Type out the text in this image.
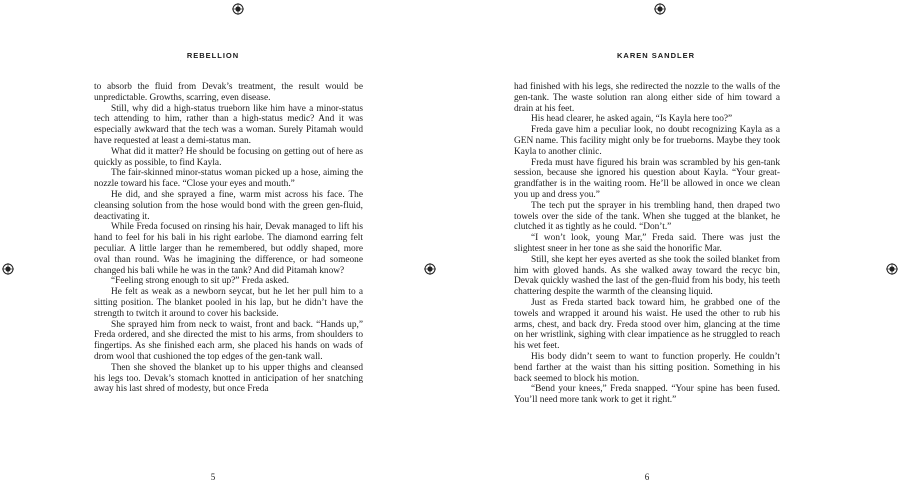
REBELLION

to absorb the fluid from Devak’s treatment, the result would be unpredictable. Growths, scarring, even disease.

Still, why did a high-status trueborn like him have a minor-status tech attending to him, rather than a high-status medic? And it was especially awkward that the tech was a woman. Surely Pitamah would have requested at least a demi-status man.

What did it matter? He should be focusing on getting out of here as quickly as possible, to find Kayla.

The fair-skinned minor-status woman picked up a hose, aiming the nozzle toward his face. “Close your eyes and mouth.”

He did, and she sprayed a fine, warm mist across his face. The cleansing solution from the hose would bond with the green gen-fluid, deactivating it.

While Freda focused on rinsing his hair, Devak managed to lift his hand to feel for his bali in his right earlobe. The diamond earring felt peculiar. A little larger than he remembered, but oddly shaped, more oval than round. Was he imagining the difference, or had someone changed his bali while he was in the tank? And did Pitamah know?

“Feeling strong enough to sit up?” Freda asked.

He felt as weak as a newborn seycat, but he let her pull him to a sitting position. The blanket pooled in his lap, but he didn’t have the strength to twitch it around to cover his backside.

She sprayed him from neck to waist, front and back. “Hands up,” Freda ordered, and she directed the mist to his arms, from shoulders to fingertips. As she finished each arm, she placed his hands on wads of drom wool that cushioned the top edges of the gen-tank wall.

Then she shoved the blanket up to his upper thighs and cleansed his legs too. Devak’s stomach knotted in anticipation of her snatching away his last shred of modesty, but once Freda

5
KAREN SANDLER

had finished with his legs, she redirected the nozzle to the walls of the gen-tank. The waste solution ran along either side of him toward a drain at his feet.

His head clearer, he asked again, “Is Kayla here too?”

Freda gave him a peculiar look, no doubt recognizing Kayla as a GEN name. This facility might only be for trueborns. Maybe they took Kayla to another clinic.

Freda must have figured his brain was scrambled by his gen-tank session, because she ignored his question about Kayla. “Your great-grandfather is in the waiting room. He’ll be allowed in once we clean you up and dress you.”

The tech put the sprayer in his trembling hand, then draped two towels over the side of the tank. When she tugged at the blanket, he clutched it as tightly as he could. “Don’t.”

“I won’t look, young Mar,” Freda said. There was just the slightest sneer in her tone as she said the honorific Mar.

Still, she kept her eyes averted as she took the soiled blanket from him with gloved hands. As she walked away toward the recyc bin, Devak quickly washed the last of the gen-fluid from his body, his teeth chattering despite the warmth of the cleansing liquid.

Just as Freda started back toward him, he grabbed one of the towels and wrapped it around his waist. He used the other to rub his arms, chest, and back dry. Freda stood over him, glancing at the time on her wristlink, sighing with clear impatience as he struggled to reach his wet feet.

His body didn’t seem to want to function properly. He couldn’t bend farther at the waist than his sitting position. Something in his back seemed to block his motion.

“Bend your knees,” Freda snapped. “Your spine has been fused. You’ll need more tank work to get it right.”

6
